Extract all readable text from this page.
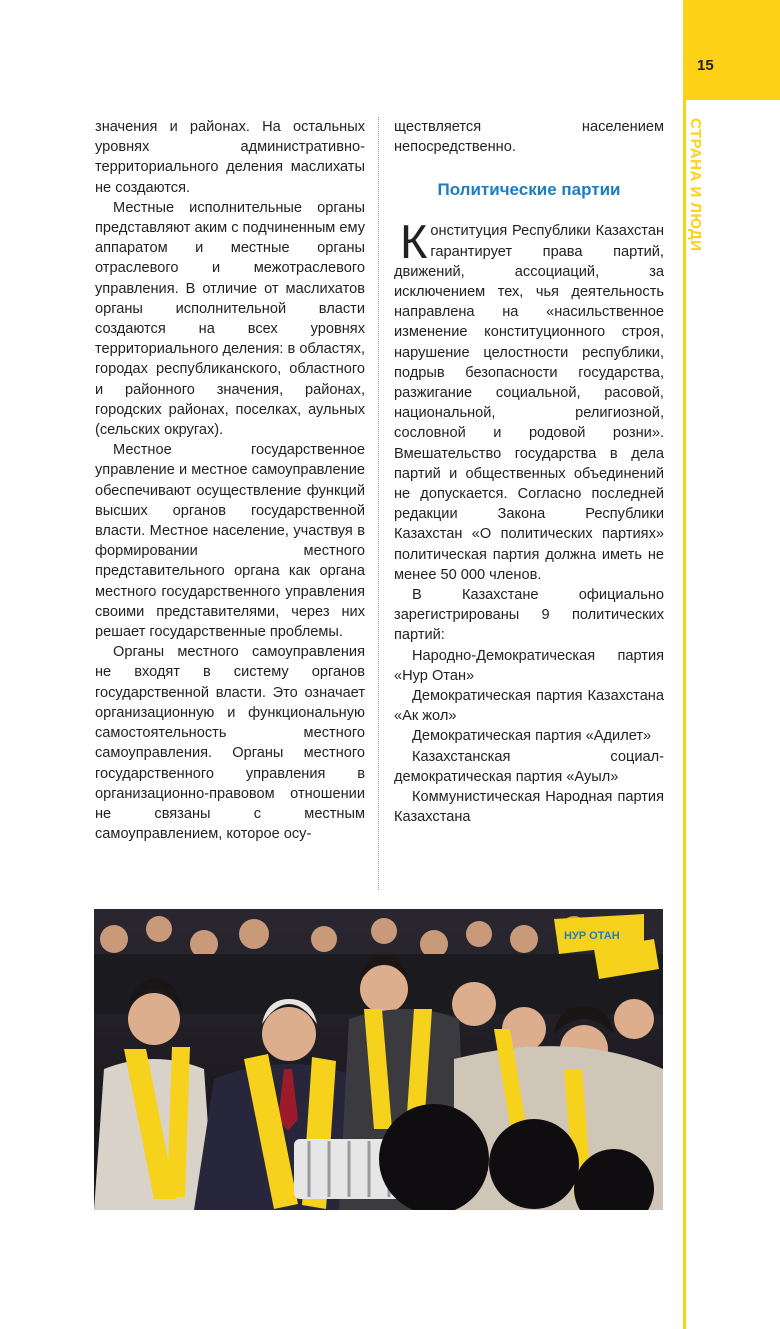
15
СТРАНА И ЛЮДИ

значения и районах. На остальных уровнях административно-территориального деления маслихаты не создаются.

Местные исполнительные органы представляют аким с подчиненным ему аппаратом и местные органы отраслевого и межотраслевого управления. В отличие от маслихатов органы исполнительной власти создаются на всех уровнях территориального деления: в областях, городах республиканского, областного и районного значения, районах, городских районах, поселках, аульных (сельских округах).

Местное государственное управление и местное самоуправление обеспечивают осуществление функций высших органов государственной власти. Местное население, участвуя в формировании местного представительного органа как органа местного государственного управления своими представителями, через них решает государственные проблемы.

Органы местного самоуправления не входят в систему органов государственной власти. Это означает организационную и функциональную самостоятельность местного самоуправления. Органы местного государственного управления в организационно-правовом отношении не связаны с местным самоуправлением, которое осу-

ществляется населением непосредственно.

Политические партии

Конституция Республики Казахстан гарантирует права партий, движений, ассоциаций, за исключением тех, чья деятельность направлена на «насильственное изменение конституционного строя, нарушение целостности республики, подрыв безопасности государства, разжигание социальной, расовой, национальной, религиозной, сословной и родовой розни». Вмешательство государства в дела партий и общественных объединений не допускается. Согласно последней редакции Закона Республики Казахстан «О политических партиях» политическая партия должна иметь не менее 50 000 членов.

В Казахстане официально зарегистрированы 9 политических партий:

Народно-Демократическая партия «Нур Отан»

Демократическая партия Казахстана «Ак жол»

Демократическая партия «Адилет»

Казахстанская социал-демократическая партия «Ауыл»

Коммунистическая Народная партия Казахстана

НУР ОТАН
